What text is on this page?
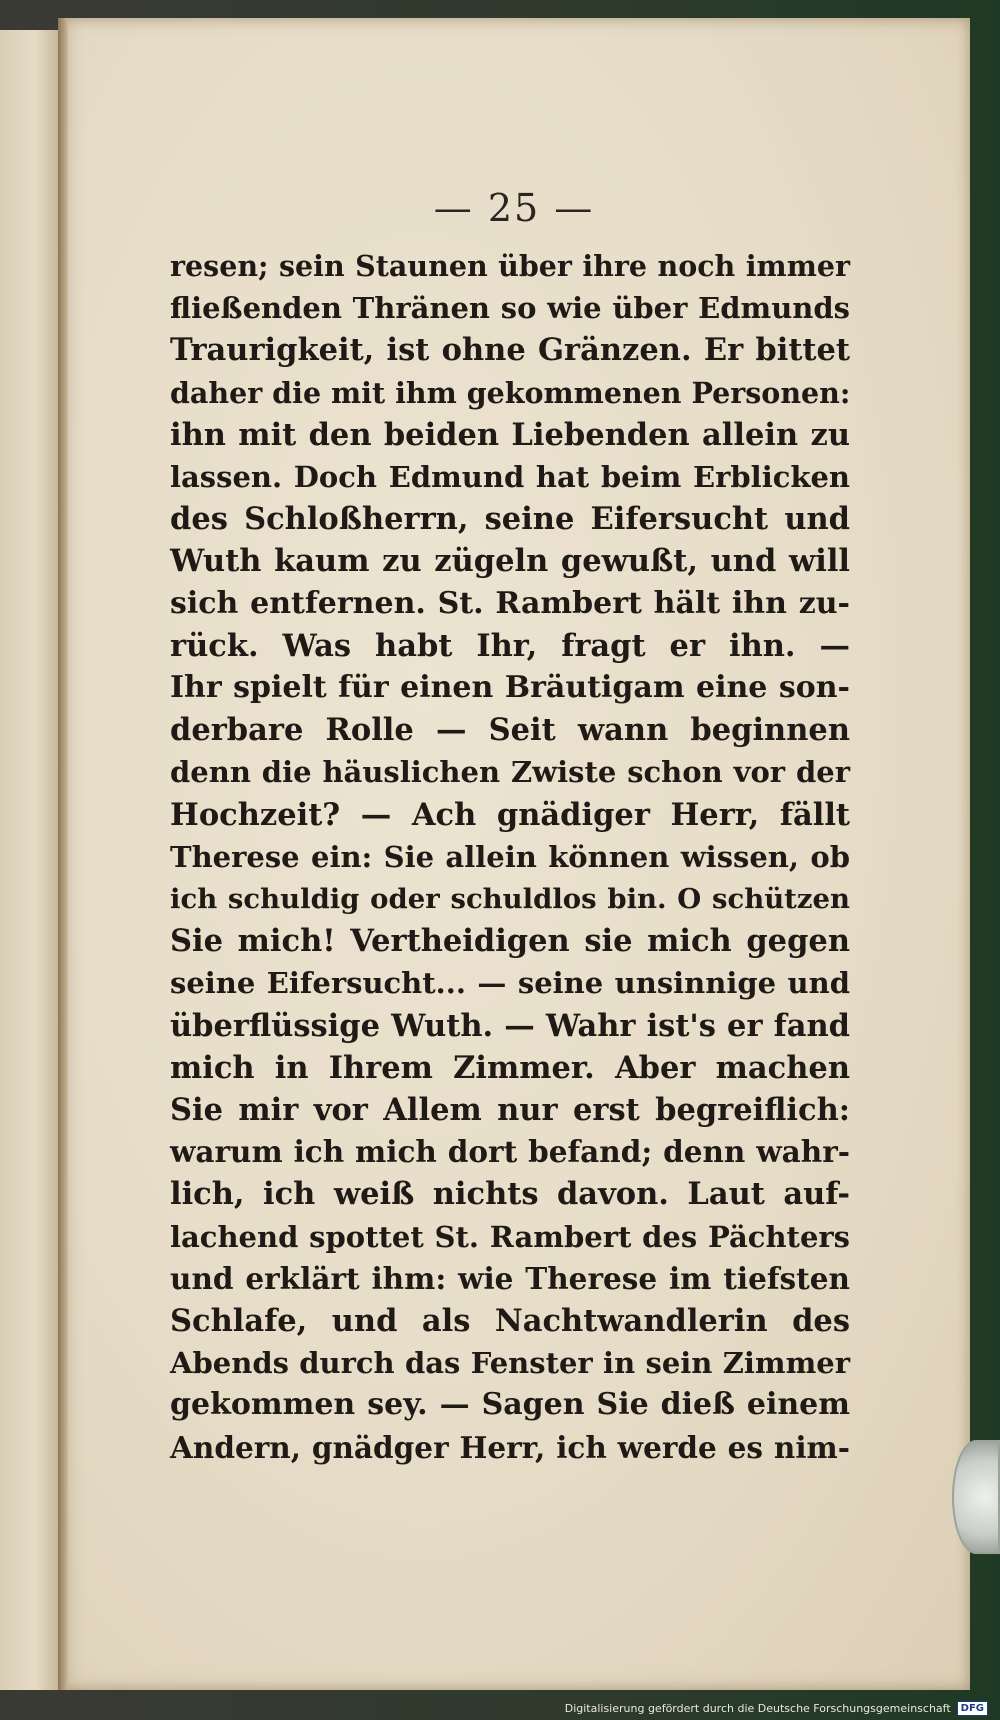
— 25 —
resen; sein Staunen über ihre noch immer
fließenden Thränen so wie über Edmunds
Traurigkeit, ist ohne Gränzen. Er bittet
daher die mit ihm gekommenen Personen:
ihn mit den beiden Liebenden allein zu
lassen. Doch Edmund hat beim Erblicken
des Schloßherrn, seine Eifersucht und
Wuth kaum zu zügeln gewußt, und will
sich entfernen. St. Rambert hält ihn zu-
rück. Was habt Ihr, fragt er ihn. —
Ihr spielt für einen Bräutigam eine son-
derbare Rolle — Seit wann beginnen
denn die häuslichen Zwiste schon vor der
Hochzeit? — Ach gnädiger Herr, fällt
Therese ein: Sie allein können wissen, ob
ich schuldig oder schuldlos bin. O schützen
Sie mich! Vertheidigen sie mich gegen
seine Eifersucht... — seine unsinnige und
überflüssige Wuth. — Wahr ist's er fand
mich in Ihrem Zimmer. Aber machen
Sie mir vor Allem nur erst begreiflich:
warum ich mich dort befand; denn wahr-
lich, ich weiß nichts davon. Laut auf-
lachend spottet St. Rambert des Pächters
und erklärt ihm: wie Therese im tiefsten
Schlafe, und als Nachtwandlerin des
Abends durch das Fenster in sein Zimmer
gekommen sey. — Sagen Sie dieß einem
Andern, gnädger Herr, ich werde es nim-
Digitalisierung gefördert durch die Deutsche Forschungsgemeinschaft	DFG
